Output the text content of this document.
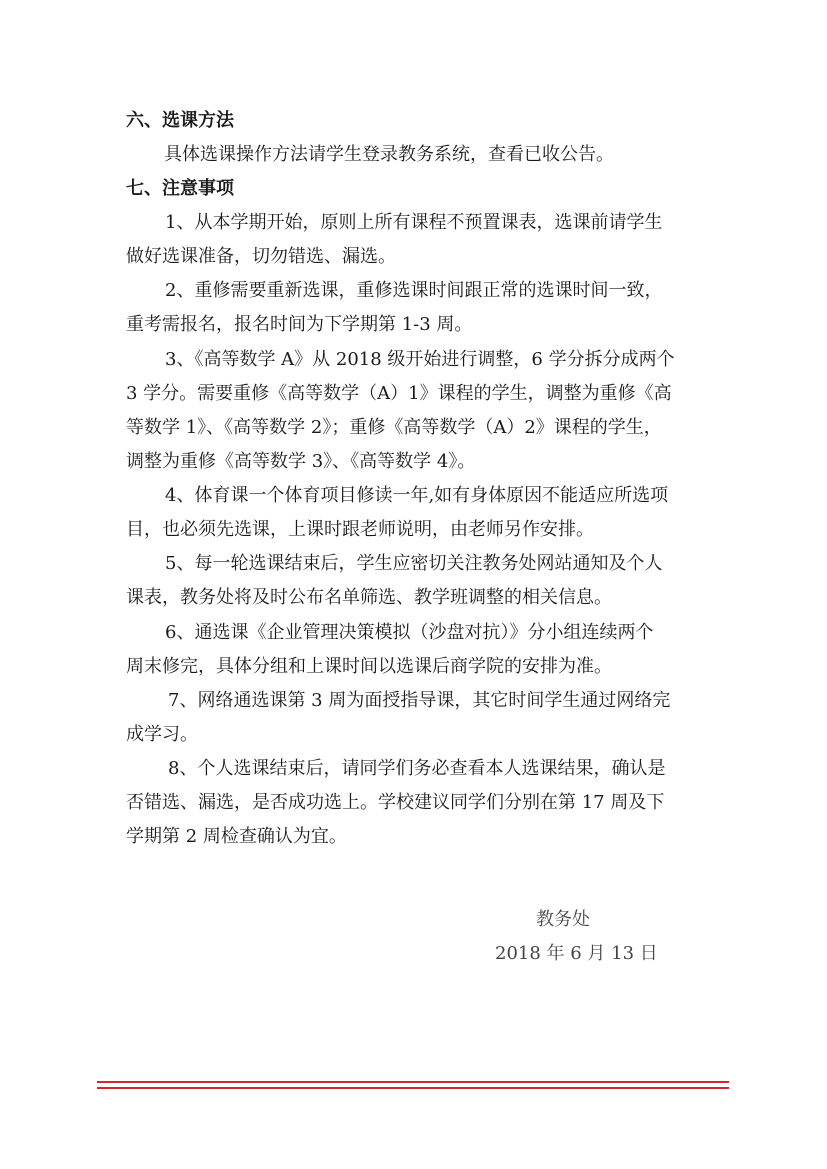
六、选课方法
具体选课操作方法请学生登录教务系统，查看已收公告。
七、注意事项
1、从本学期开始，原则上所有课程不预置课表，选课前请学生
做好选课准备，切勿错选、漏选。
2、重修需要重新选课，重修选课时间跟正常的选课时间一致，
重考需报名，报名时间为下学期第 1-3 周。
3、《高等数学 A》从 2018 级开始进行调整，6 学分拆分成两个
3 学分。需要重修《高等数学（A）1》课程的学生，调整为重修《高
等数学 1》、《高等数学 2》；重修《高等数学（A）2》课程的学生，
调整为重修《高等数学 3》、《高等数学 4》。
4、体育课一个体育项目修读一年,如有身体原因不能适应所选项
目，也必须先选课，上课时跟老师说明，由老师另作安排。
5、每一轮选课结束后，学生应密切关注教务处网站通知及个人
课表，教务处将及时公布名单筛选、教学班调整的相关信息。
6、通选课《企业管理决策模拟（沙盘对抗）》分小组连续两个
周末修完，具体分组和上课时间以选课后商学院的安排为准。
7、网络通选课第 3 周为面授指导课，其它时间学生通过网络完
成学习。
8、个人选课结束后，请同学们务必查看本人选课结果，确认是
否错选、漏选，是否成功选上。学校建议同学们分别在第 17 周及下
学期第 2 周检查确认为宜。
教务处
2018 年 6 月 13 日
